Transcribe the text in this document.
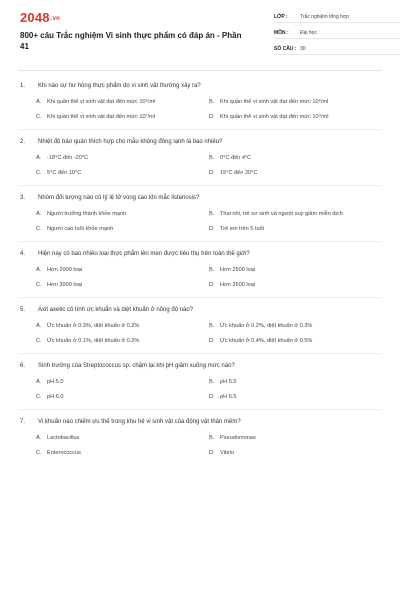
2048.vn
800+ câu Trắc nghiệm Vi sinh thực phẩm có đáp án - Phần 41
LỚP :	Trắc nghiệm tổng hợp
MÔN :	Đại học
SỐ CÂU : 30
1.	Khi nào sự hư hỏng thực phẩm do vi sinh vật thường xảy ra?
A.	Khi quần thể vi sinh vật đạt đến mức 10⁵/ml	B.	Khi quần thể vi sinh vật đạt đến mức 10⁶/ml
C. Khi quần thể vi sinh vật đạt đến mức 10⁷/ml	D. Khi quần thể vi sinh vật đạt đến mức 10⁴/ml
2.	Nhiệt độ bảo quản thích hợp cho mẫu không đông lạnh là bao nhiêu?
A.	-18°C đến -20°C	B.	0°C đến 4°C
C. 5°C đến 10°C	D. 15°C đến 20°C
3.	Nhóm đối tượng nào có tỷ lệ tử vong cao khi mắc listeriosis?
A.	Người trưởng thành khỏe mạnh	B.	Thai nhi, trẻ sơ sinh và người suy giảm miễn dịch
C. Người cao tuổi khỏe mạnh	D. Trẻ em trên 5 tuổi
4.	Hiện nay có bao nhiêu loại thực phẩm lên men được tiêu thụ trên toàn thế giới?
A.	Hơn 2000 loại	B.	Hơn 2500 loại
C. Hơn 3000 loại	D. Hơn 3500 loại
5.	Axit axetic có tính ức khuẩn và diệt khuẩn ở nồng độ nào?
A.	Ức khuẩn ở 0.3%, diệt khuẩn ở 0.2%	B.	Ức khuẩn ở 0.2%, diệt khuẩn ở 0.3%
C. Ức khuẩn ở 0.1%, diệt khuẩn ở 0.2%	D. Ức khuẩn ở 0.4%, diệt khuẩn ở 0.5%
6.	Sinh trưởng của Streptococcus sp. chậm lại khi pH giảm xuống mức nào?
A.	pH 5.0	B.	pH 5.5
C. pH 6.0	D. pH 6.5
7.	Vi khuẩn nào chiếm ưu thế trong khu hệ vi sinh vật của động vật thân mềm?
A.	Lactobacillus	B.	Pseudomonas
C. Enterococcus	D. Vibrio
